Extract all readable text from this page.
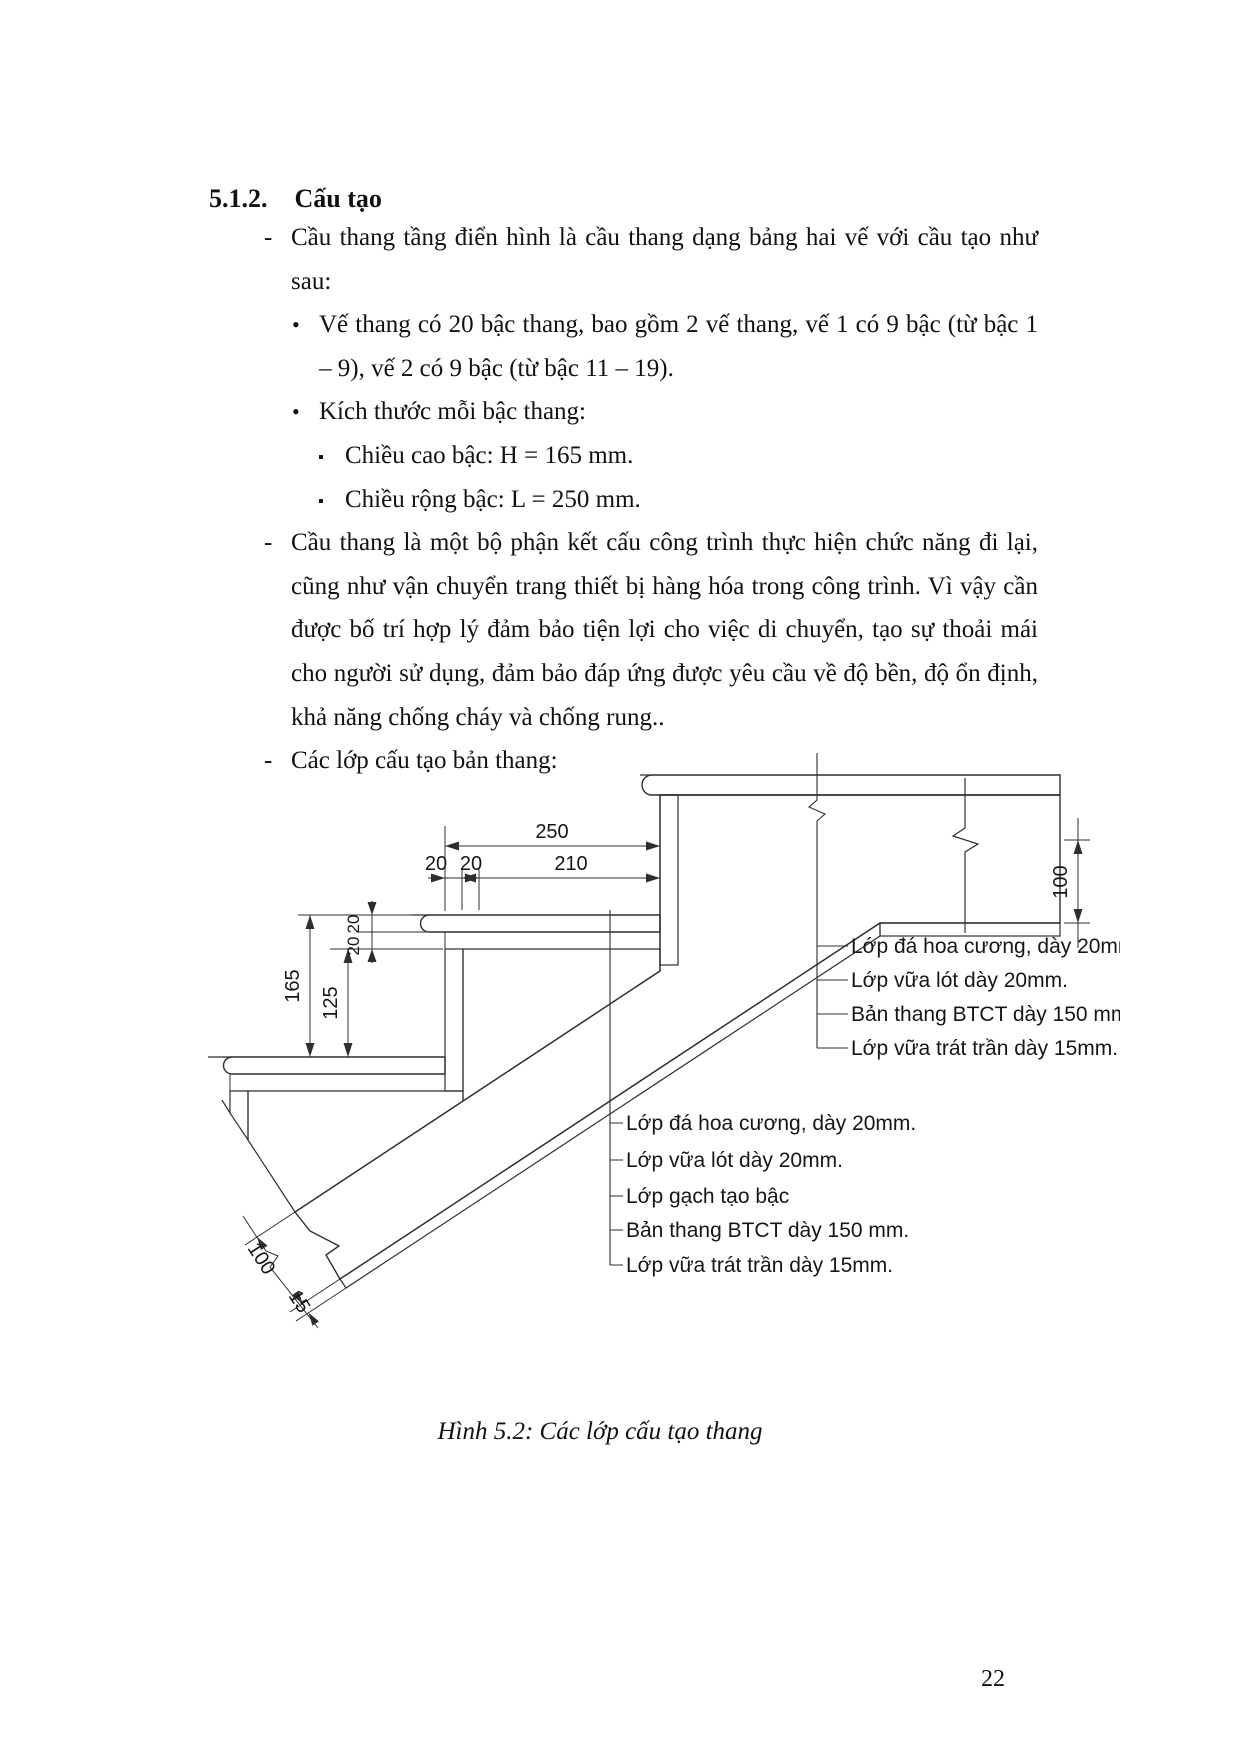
5.1.2. Cấu tạo
- Cầu thang tầng điển hình là cầu thang dạng bảng hai vế với cầu tạo như sau:
• Vế thang có 20 bậc thang, bao gồm 2 vế thang, vế 1 có 9 bậc (từ bậc 1 – 9), vế 2 có 9 bậc (từ bậc 11 – 19).
• Kích thước mỗi bậc thang:
▪ Chiều cao bậc: H = 165 mm.
▪ Chiều rộng bậc: L = 250 mm.
- Cầu thang là một bộ phận kết cấu công trình thực hiện chức năng đi lại, cũng như vận chuyển trang thiết bị hàng hóa trong công trình. Vì vậy cần được bố trí hợp lý đảm bảo tiện lợi cho việc di chuyển, tạo sự thoải mái cho người sử dụng, đảm bảo đáp ứng được yêu cầu về độ bền, độ ổn định, khả năng chống cháy và chống rung..
- Các lớp cấu tạo bản thang:
250
20 20	210
20
20
165
125
100
100
15
Lớp đá hoa cương, dày 20mm.
Lớp vữa lót dày 20mm.
Bản thang BTCT dày 150 mm.
Lớp vữa trát trần dày 15mm.
Lớp đá hoa cương, dày 20mm.
Lớp vữa lót dày 20mm.
Lớp gạch tạo bậc
Bản thang BTCT dày 150 mm.
Lớp vữa trát trần dày 15mm.
Hình 5.2: Các lớp cấu tạo thang
22
